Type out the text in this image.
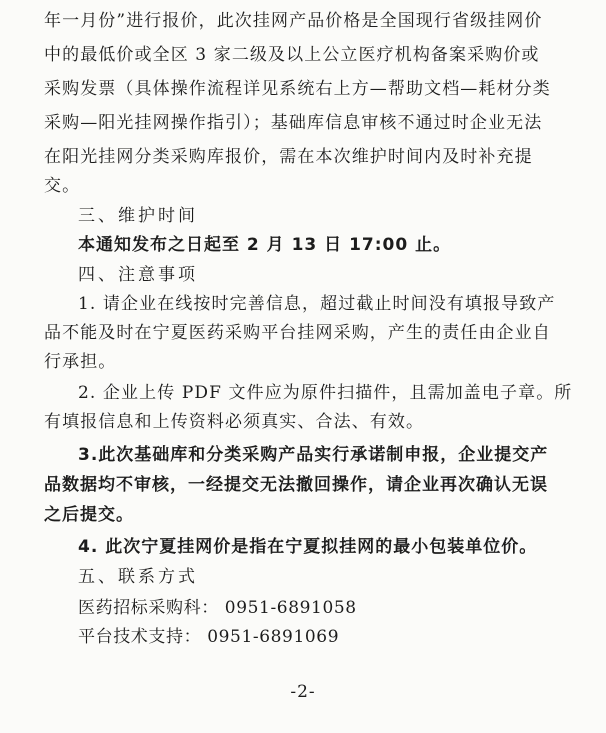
年一月份”进行报价，此次挂网产品价格是全国现行省级挂网价
中的最低价或全区 3 家二级及以上公立医疗机构备案采购价或
采购发票（具体操作流程详见系统右上方—帮助文档—耗材分类
采购—阳光挂网操作指引）；基础库信息审核不通过时企业无法
在阳光挂网分类采购库报价，需在本次维护时间内及时补充提
交。
三、维护时间
本通知发布之日起至 2 月 13 日 17:00 止。
四、注意事项
1. 请企业在线按时完善信息，超过截止时间没有填报导致产
品不能及时在宁夏医药采购平台挂网采购，产生的责任由企业自
行承担。
2. 企业上传 PDF 文件应为原件扫描件，且需加盖电子章。所
有填报信息和上传资料必须真实、合法、有效。
3.此次基础库和分类采购产品实行承诺制申报，企业提交产
品数据均不审核，一经提交无法撤回操作，请企业再次确认无误
之后提交。
4. 此次宁夏挂网价是指在宁夏拟挂网的最小包装单位价。
五、联系方式
医药招标采购科： 0951-6891058
平台技术支持： 0951-6891069
-2-
